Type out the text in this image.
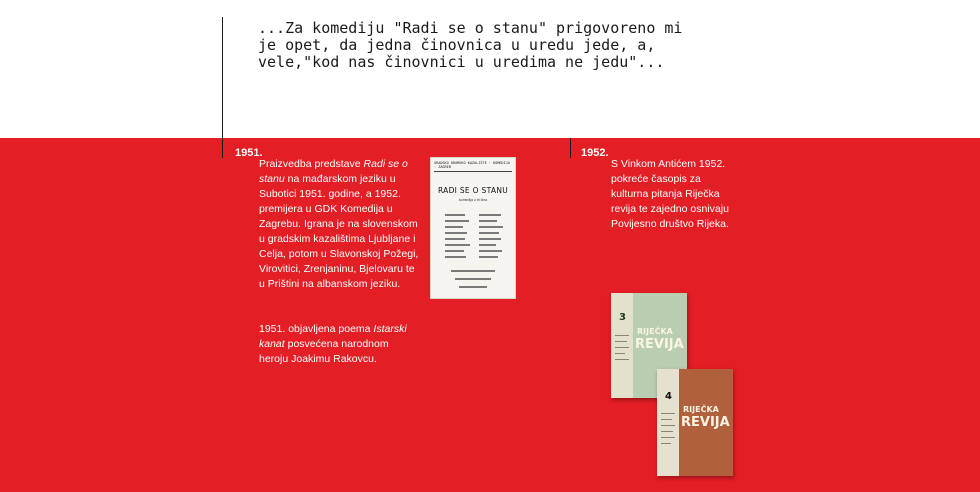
...Za komediju "Radi se o stanu" prigovoreno mi
je opet, da jedna činovnica u uredu jede, a,
vele,"kod nas činovnici u uredima ne jedu"...
1951.
Praizvedba predstave Radi se o stanu na mađarskom jeziku u Subotici 1951. godine, a 1952. premijera u GDK Komedija u Zagrebu. Igrana je na slovenskom u gradskim kazalištima Ljubljane i Celja, potom u Slavonskoj Požegi, Virovitici, Zrenjaninu, Bjelovaru te u Prištini na albanskom jeziku.
1951. objavljena poema Istarski kanat posvećena narodnom heroju Joakimu Rakovcu.
GRADSKO DRAMSKO KAZALIŠTE · KOMEDIJA · ZAGREB
RADI SE O STANU
komedija u tri čina
1952.
S Vinkom Antićem 1952. pokreće časopis za kulturna pitanja Riječka revija te zajedno osnivaju Povijesno društvo Rijeka.
3
RIJEČKA
REVIJA
4
RIJEČKA
REVIJA
